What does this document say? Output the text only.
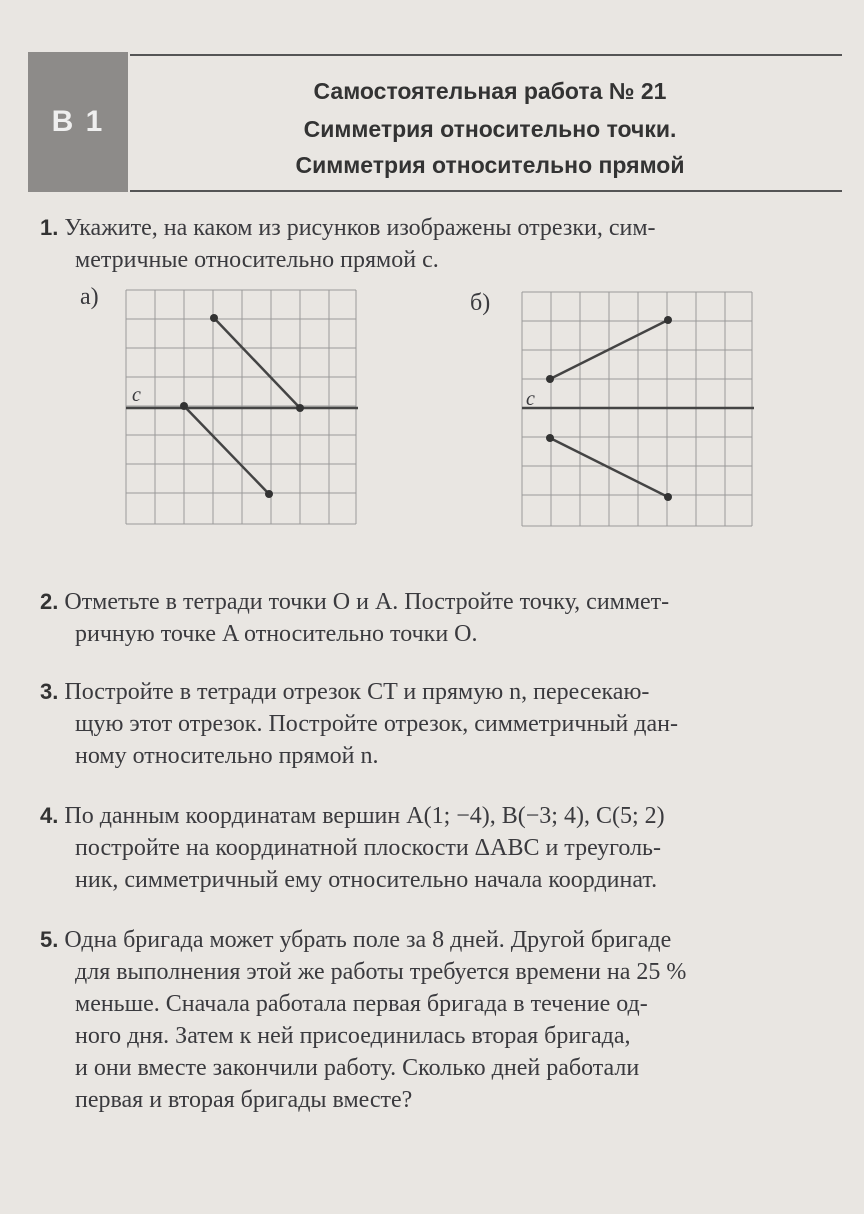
В 1
Самостоятельная работа № 21
Симметрия относительно точки.
Симметрия относительно прямой
1. Укажите, на каком из рисунков изображены отрезки, сим-
метричные относительно прямой c.
а)	б)
c	c
2. Отметьте в тетради точки O и A. Постройте точку, симмет-
ричную точке A относительно точки O.
3. Постройте в тетради отрезок CT и прямую n, пересекаю-
щую этот отрезок. Постройте отрезок, симметричный дан-
ному относительно прямой n.
4. По данным координатам вершин A(1; −4), B(−3; 4), C(5; 2)
постройте на координатной плоскости ΔABC и треуголь-
ник, симметричный ему относительно начала координат.
5. Одна бригада может убрать поле за 8 дней. Другой бригаде
для выполнения этой же работы требуется времени на 25 %
меньше. Сначала работала первая бригада в течение од-
ного дня. Затем к ней присоединилась вторая бригада,
и они вместе закончили работу. Сколько дней работали
первая и вторая бригады вместе?
